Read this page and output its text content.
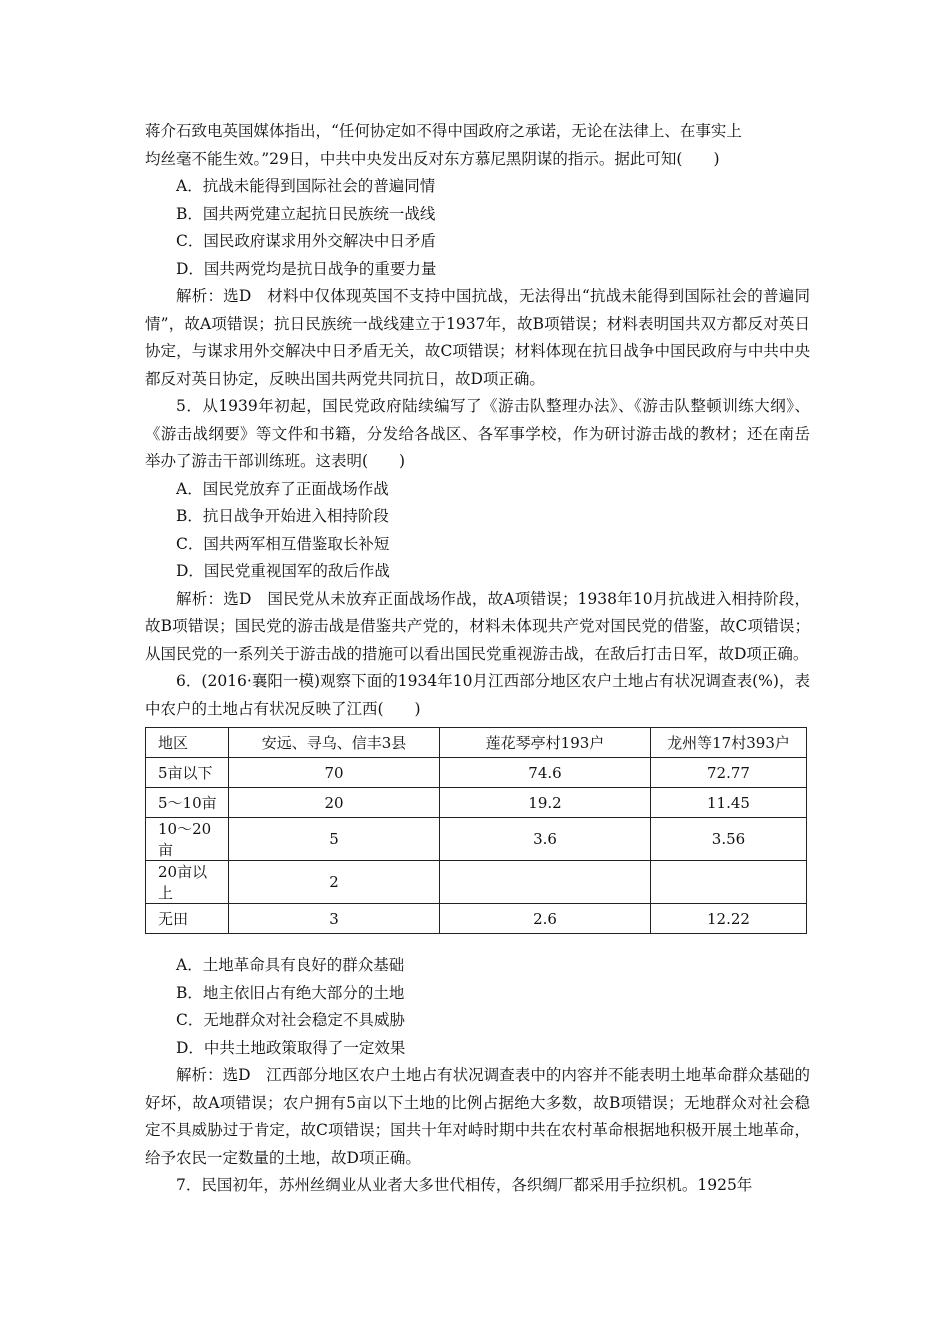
蒋介石致电英国媒体指出，“任何协定如不得中国政府之承诺，无论在法律上、在事实上

均丝毫不能生效。”29日，中共中央发出反对东方慕尼黑阴谋的指示。据此可知(　　)

A．抗战未能得到国际社会的普遍同情

B．国共两党建立起抗日民族统一战线

C．国民政府谋求用外交解决中日矛盾

D．国共两党均是抗日战争的重要力量

解析：选D　材料中仅体现英国不支持中国抗战，无法得出“抗战未能得到国际社会的普遍同情”，故A项错误；抗日民族统一战线建立于1937年，故B项错误；材料表明国共双方都反对英日协定，与谋求用外交解决中日矛盾无关，故C项错误；材料体现在抗日战争中国民政府与中共中央都反对英日协定，反映出国共两党共同抗日，故D项正确。

5．从1939年初起，国民党政府陆续编写了《游击队整理办法》、《游击队整顿训练大纲》、《游击战纲要》等文件和书籍，分发给各战区、各军事学校，作为研讨游击战的教材；还在南岳举办了游击干部训练班。这表明(　　)

A．国民党放弃了正面战场作战

B．抗日战争开始进入相持阶段

C．国共两军相互借鉴取长补短

D．国民党重视国军的敌后作战

解析：选D　国民党从未放弃正面战场作战，故A项错误；1938年10月抗战进入相持阶段，故B项错误；国民党的游击战是借鉴共产党的，材料未体现共产党对国民党的借鉴，故C项错误；从国民党的一系列关于游击战的措施可以看出国民党重视游击战，在敌后打击日军，故D项正确。

6．(2016·襄阳一模)观察下面的1934年10月江西部分地区农户土地占有状况调查表(%)，表中农户的土地占有状况反映了江西(　　)

地区	安远、寻乌、信丰3县	莲花琴亭村193户	龙州等17村393户
5亩以下	70	74.6	72.77
5～10亩	20	19.2	11.45
10～20亩	5	3.6	3.56
20亩以上	2		
无田	3	2.6	12.22

A．土地革命具有良好的群众基础

B．地主依旧占有绝大部分的土地

C．无地群众对社会稳定不具威胁

D．中共土地政策取得了一定效果

解析：选D　江西部分地区农户土地占有状况调查表中的内容并不能表明土地革命群众基础的好坏，故A项错误；农户拥有5亩以下土地的比例占据绝大多数，故B项错误；无地群众对社会稳定不具威胁过于肯定，故C项错误；国共十年对峙时期中共在农村革命根据地积极开展土地革命，给予农民一定数量的土地，故D项正确。

7．民国初年，苏州丝绸业从业者大多世代相传，各织绸厂都采用手拉织机。1925年
